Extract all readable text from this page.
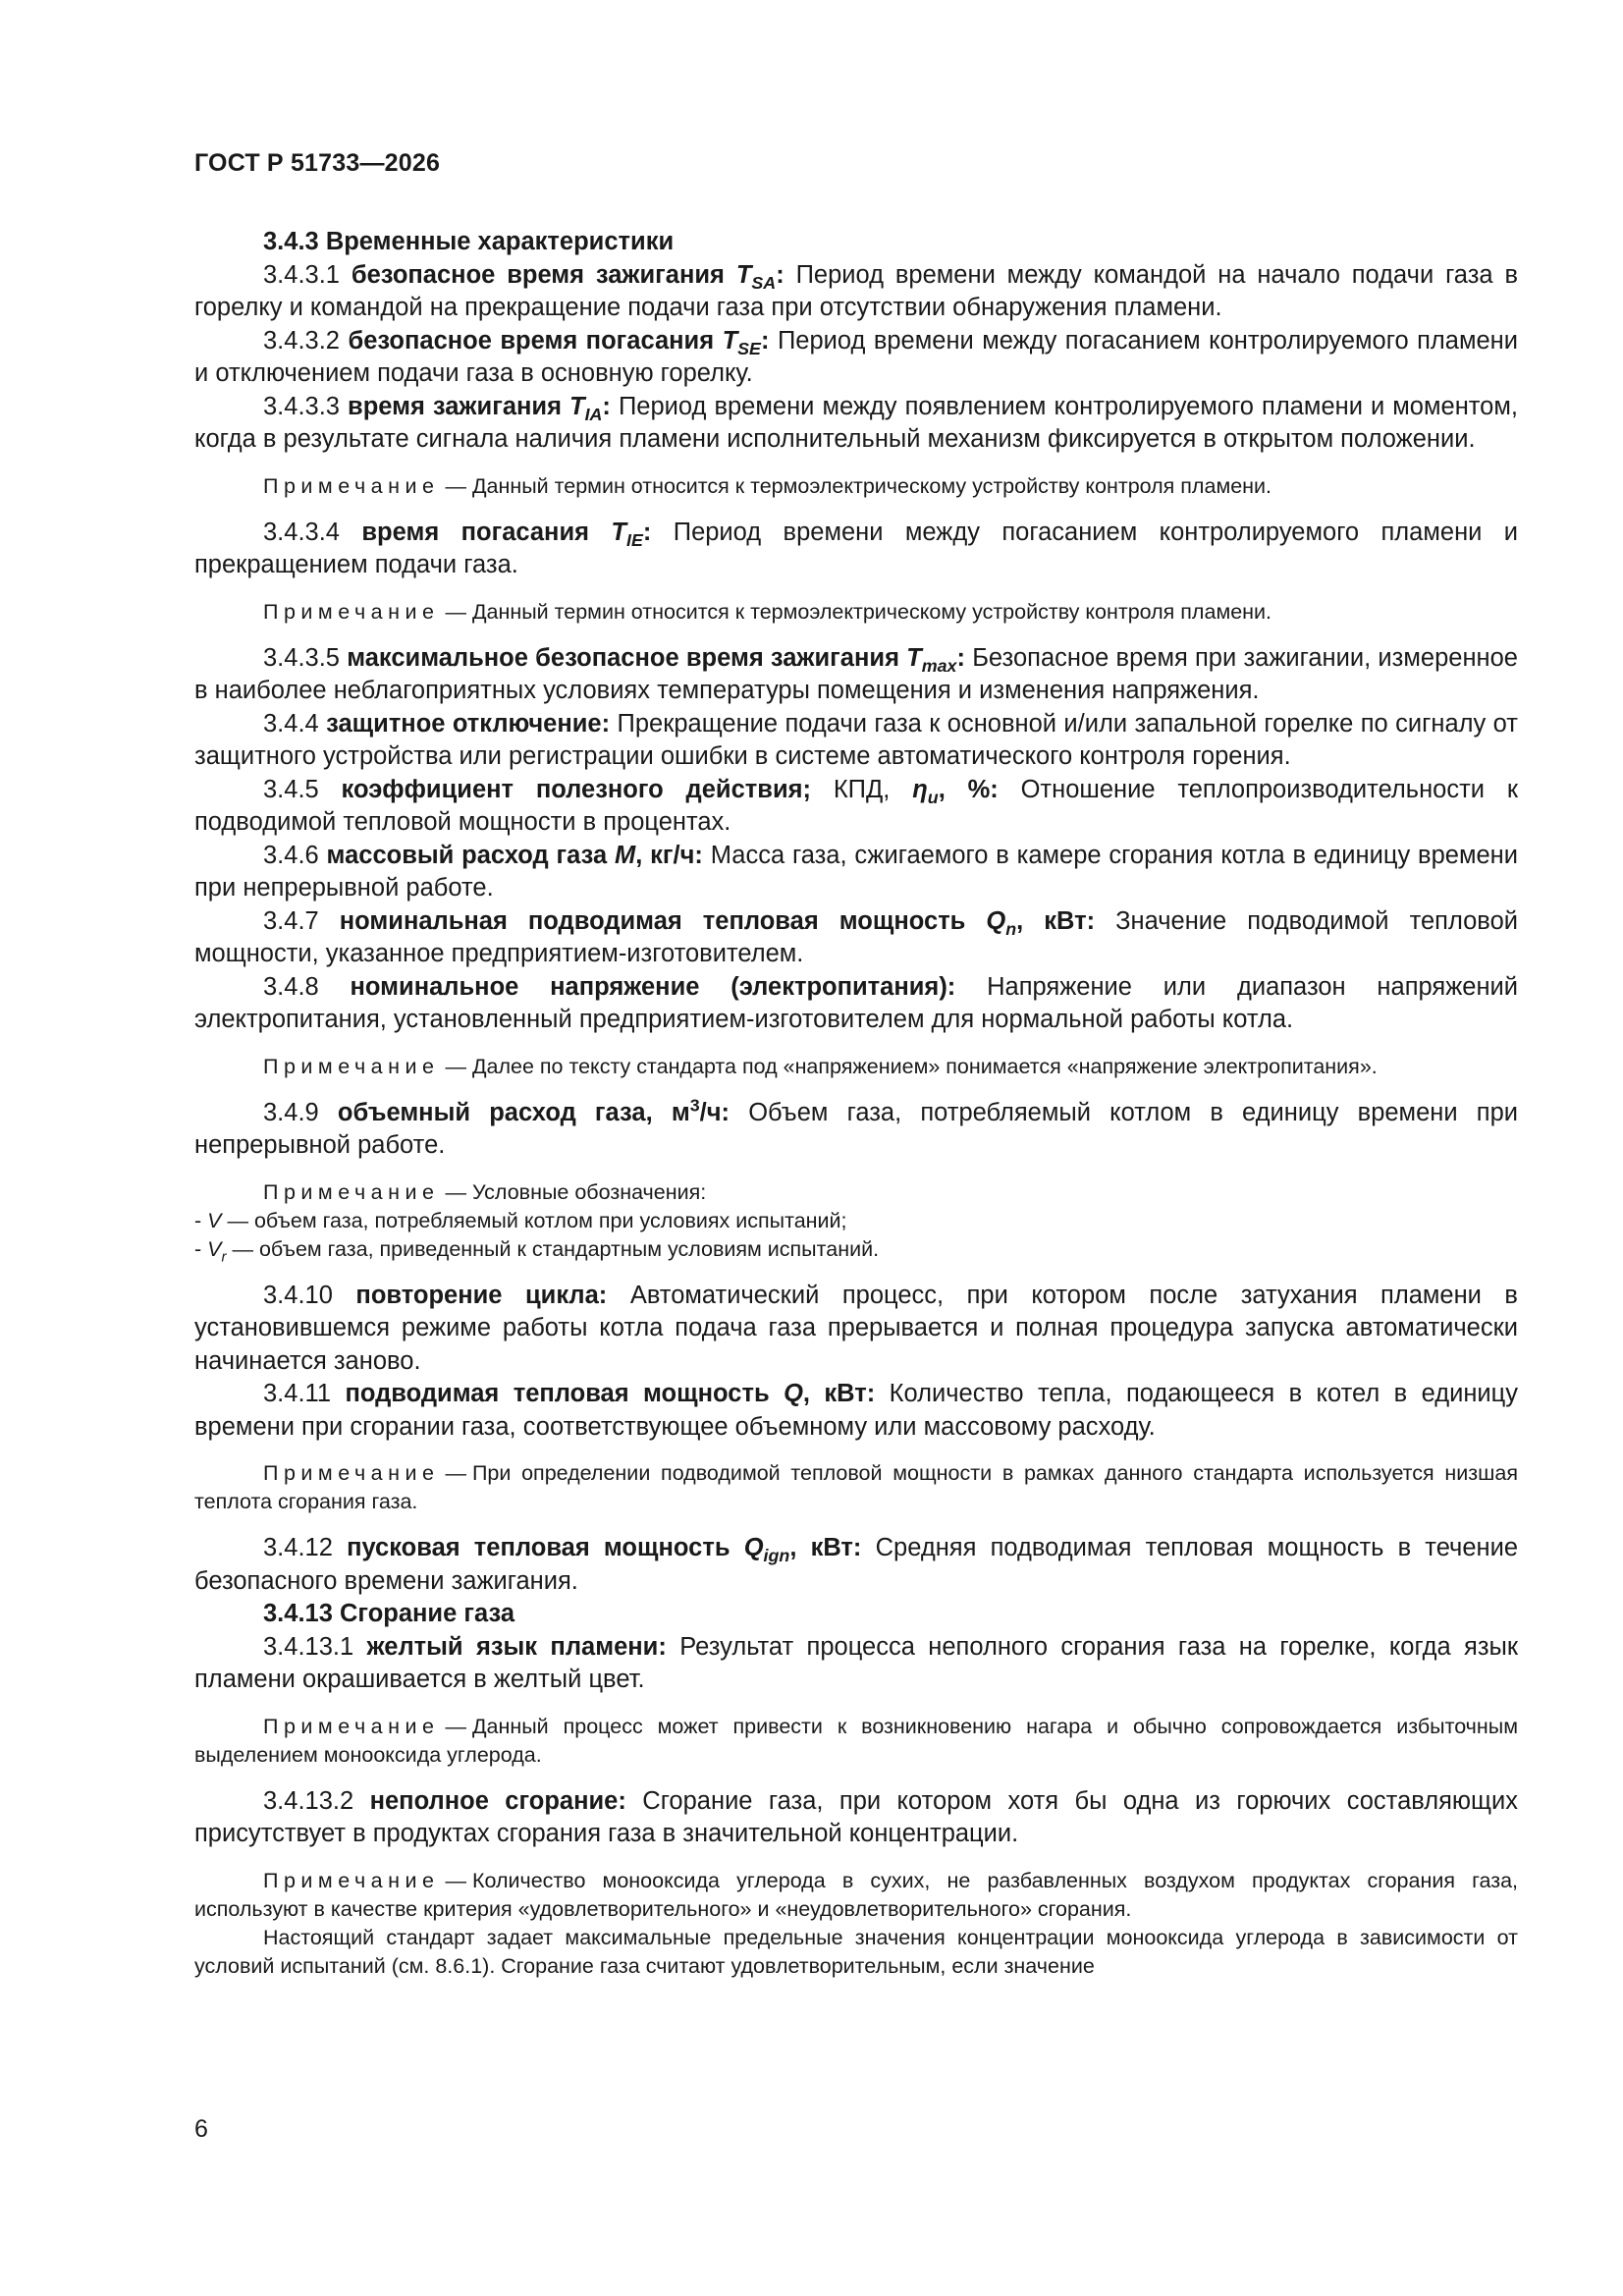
ГОСТ Р 51733—2026

3.4.3 Временные характеристики

3.4.3.1 безопасное время зажигания $T_{SA}$: Период времени между командой на начало подачи газа в горелку и командой на прекращение подачи газа при отсутствии обнаружения пламени.

3.4.3.2 безопасное время погасания $T_{SE}$: Период времени между погасанием контролируемого пламени и отключением подачи газа в основную горелку.

3.4.3.3 время зажигания $T_{IA}$: Период времени между появлением контролируемого пламени и моментом, когда в результате сигнала наличия пламени исполнительный механизм фиксируется в открытом положении.

Примечание — Данный термин относится к термоэлектрическому устройству контроля пламени.

3.4.3.4 время погасания $T_{IE}$: Период времени между погасанием контролируемого пламени и прекращением подачи газа.

Примечание — Данный термин относится к термоэлектрическому устройству контроля пламени.

3.4.3.5 максимальное безопасное время зажигания $T_{max}$: Безопасное время при зажигании, измеренное в наиболее неблагоприятных условиях температуры помещения и изменения напряжения.

3.4.4 защитное отключение: Прекращение подачи газа к основной и/или запальной горелке по сигналу от защитного устройства или регистрации ошибки в системе автоматического контроля горения.

3.4.5 коэффициент полезного действия; КПД, $\eta_u$, %: Отношение теплопроизводительности к подводимой тепловой мощности в процентах.

3.4.6 массовый расход газа M, кг/ч: Масса газа, сжигаемого в камере сгорания котла в единицу времени при непрерывной работе.

3.4.7 номинальная подводимая тепловая мощность $Q_n$, кВт: Значение подводимой тепловой мощности, указанное предприятием-изготовителем.

3.4.8 номинальное напряжение (электропитания): Напряжение или диапазон напряжений электропитания, установленный предприятием-изготовителем для нормальной работы котла.

Примечание — Далее по тексту стандарта под «напряжением» понимается «напряжение электропитания».

3.4.9 объемный расход газа, $м^3/ч$: Объем газа, потребляемый котлом в единицу времени при непрерывной работе.

Примечание — Условные обозначения:

- V — объем газа, потребляемый котлом при условиях испытаний;

- $V_r$ — объем газа, приведенный к стандартным условиям испытаний.

3.4.10 повторение цикла: Автоматический процесс, при котором после затухания пламени в установившемся режиме работы котла подача газа прерывается и полная процедура запуска автоматически начинается заново.

3.4.11 подводимая тепловая мощность Q, кВт: Количество тепла, подающееся в котел в единицу времени при сгорании газа, соответствующее объемному или массовому расходу.

Примечание — При определении подводимой тепловой мощности в рамках данного стандарта используется низшая теплота сгорания газа.

3.4.12 пусковая тепловая мощность $Q_{ign}$, кВт: Средняя подводимая тепловая мощность в течение безопасного времени зажигания.

3.4.13 Сгорание газа

3.4.13.1 желтый язык пламени: Результат процесса неполного сгорания газа на горелке, когда язык пламени окрашивается в желтый цвет.

Примечание — Данный процесс может привести к возникновению нагара и обычно сопровождается избыточным выделением монооксида углерода.

3.4.13.2 неполное сгорание: Сгорание газа, при котором хотя бы одна из горючих составляющих присутствует в продуктах сгорания газа в значительной концентрации.

Примечание — Количество монооксида углерода в сухих, не разбавленных воздухом продуктах сгорания газа, используют в качестве критерия «удовлетворительного» и «неудовлетворительного» сгорания.

Настоящий стандарт задает максимальные предельные значения концентрации монооксида углерода в зависимости от условий испытаний (см. 8.6.1). Сгорание газа считают удовлетворительным, если значение

6
